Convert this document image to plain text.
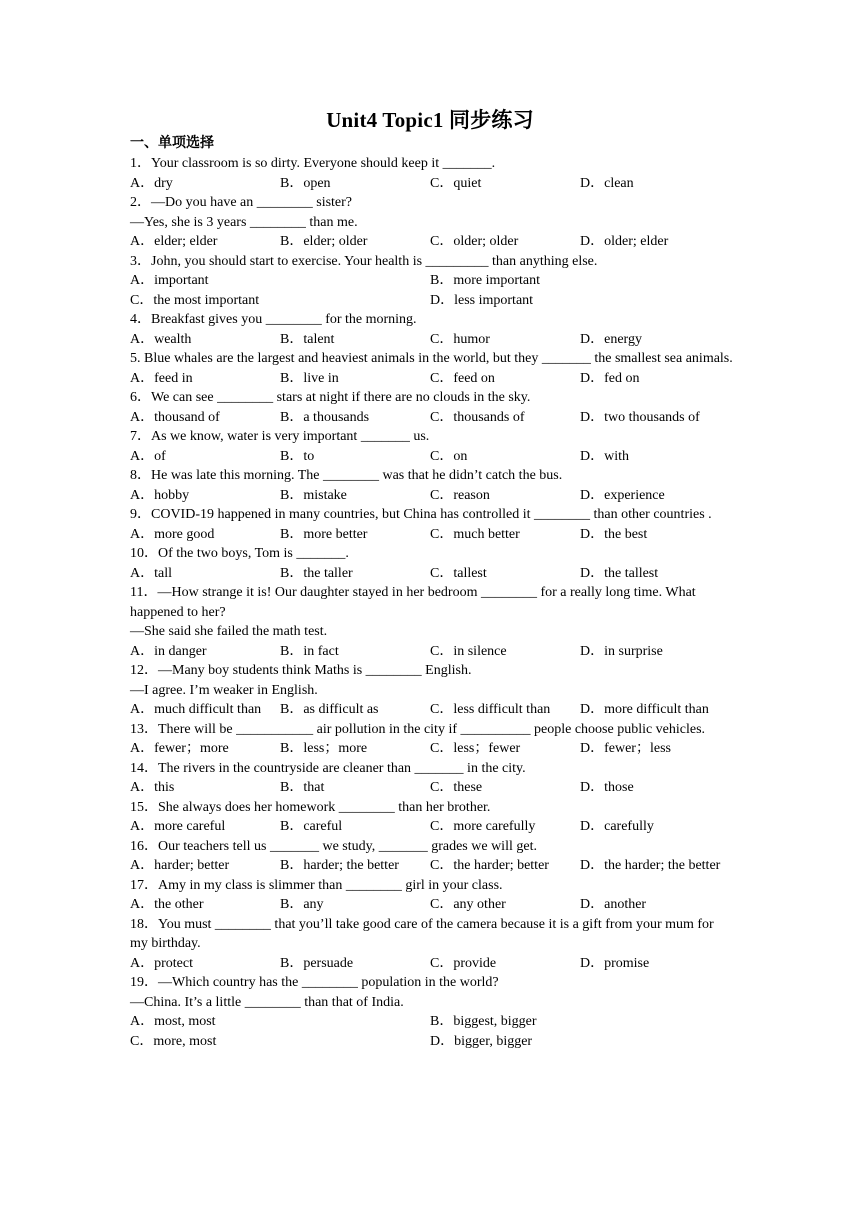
Unit4 Topic1 同步练习
一、单项选择
1．Your classroom is so dirty. Everyone should keep it _______.
A．dry	B．open	C．quiet	D．clean
2．—Do you have an ________ sister?
—Yes, she is 3 years ________ than me.
A．elder; elder	B．elder; older	C．older; older	D．older; elder
3．John, you should start to exercise. Your health is _________ than anything else.
A．important	B．more important
C．the most important	D．less important
4．Breakfast gives you ________ for the morning.
A．wealth	B．talent	C．humor	D．energy
5. Blue whales are the largest and heaviest animals in the world, but they _______ the smallest sea animals.
A．feed in	B．live in	C．feed on	D．fed on
6．We can see ________ stars at night if there are no clouds in the sky.
A．thousand of	B．a thousands	C．thousands of	D．two thousands of
7．As we know, water is very important _______ us.
A．of	B．to	C．on	D．with
8．He was late this morning. The ________ was that he didn’t catch the bus.
A．hobby	B．mistake	C．reason	D．experience
9．COVID-19 happened in many countries, but China has controlled it ________ than other countries .
A．more good	B．more better	C．much better	D．the best
10．Of the two boys, Tom is _______.
A．tall	B．the taller	C．tallest	D．the tallest
11．—How strange it is! Our daughter stayed in her bedroom ________ for a really long time. What happened to her?
—She said she failed the math test.
A．in danger	B．in fact	C．in silence	D．in surprise
12．—Many boy students think Maths is ________ English.
—I agree. I’m weaker in English.
A．much difficult than	B．as difficult as	C．less difficult than	D．more difficult than
13．There will be ___________ air pollution in the city if __________ people choose public vehicles.
A．fewer；more	B．less；more	C．less；fewer	D．fewer；less
14．The rivers in the countryside are cleaner than _______ in the city.
A．this	B．that	C．these	D．those
15．She always does her homework ________ than her brother.
A．more careful	B．careful	C．more carefully	D．carefully
16．Our teachers tell us _______ we study, _______ grades we will get.
A．harder; better	B．harder; the better	C．the harder; better	D．the harder; the better
17．Amy in my class is slimmer than ________ girl in your class.
A．the other	B．any	C．any other	D．another
18．You must ________ that you’ll take good care of the camera because it is a gift from your mum for my birthday.
A．protect	B．persuade	C．provide	D．promise
19．—Which country has the ________ population in the world?
—China. It’s a little ________ than that of India.
A．most, most	B．biggest, bigger
C．more, most	D．bigger, bigger
